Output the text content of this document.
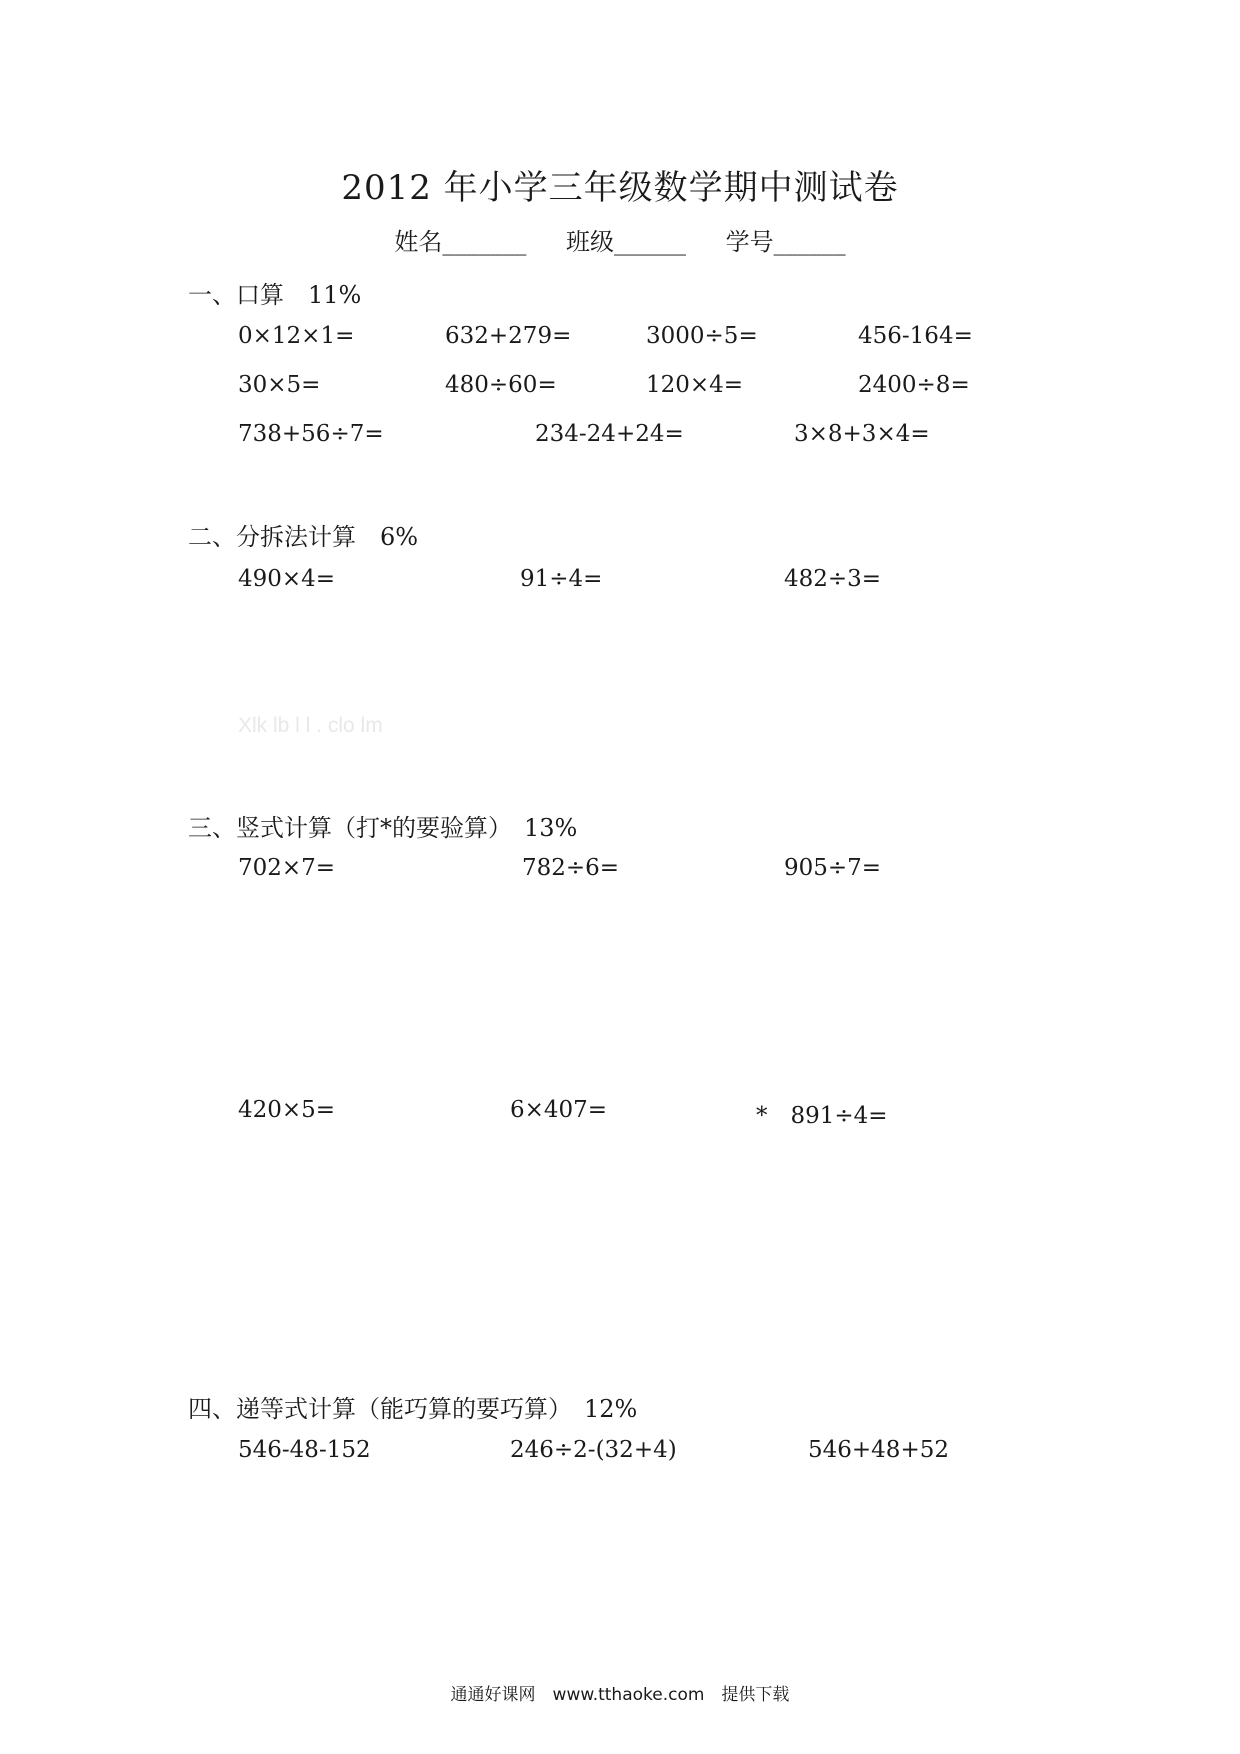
2012 年小学三年级数学期中测试卷
姓名_______ 班级______ 学号______
一、口算　11%
0×12×1=	632+279=	3000÷5=	456-164=
30×5=	480÷60=	120×4=	2400÷8=
738+56÷7=	234-24+24=	3×8+3×4=
二、分拆法计算　6%
490×4=	91÷4=	482÷3=
Xlk lb l l . clo lm
三、竖式计算（打*的要验算）　13%
702×7=	782÷6=	905÷7=
420×5=	6×407=	*　891÷4=
四、递等式计算（能巧算的要巧算）　12%
546-48-152	246÷2-(32+4)	546+48+52
通通好课网　www.tthaoke.com　提供下载
